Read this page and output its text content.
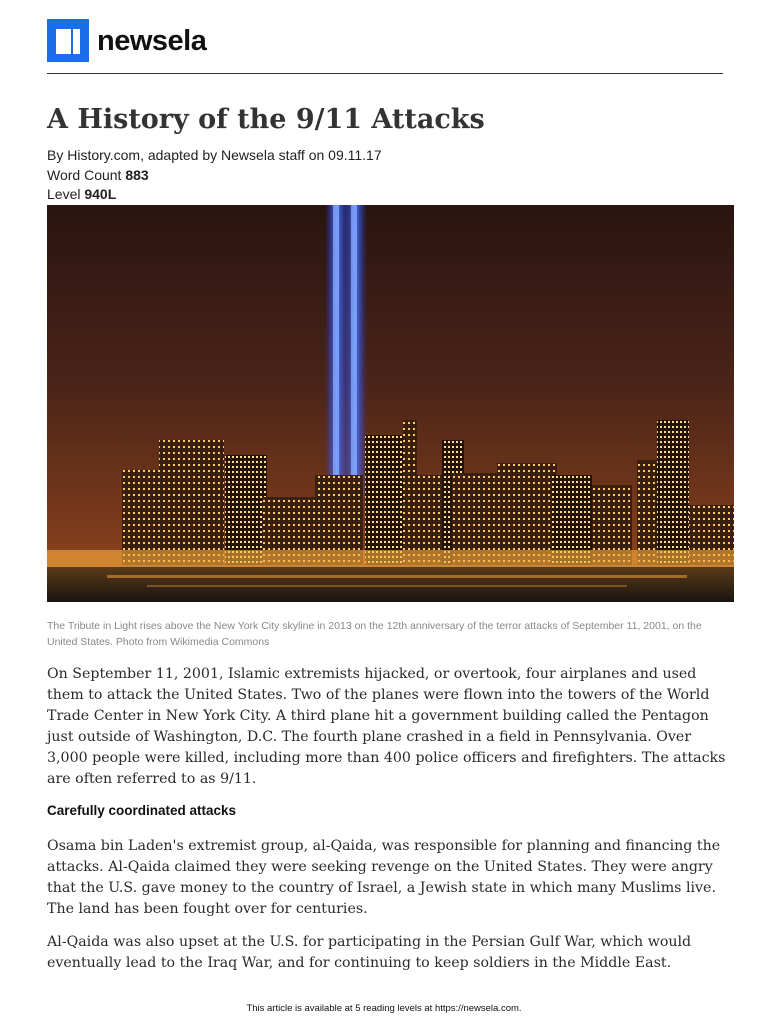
newsela
A History of the 9/11 Attacks
By History.com, adapted by Newsela staff on 09.11.17
Word Count 883
Level 940L
The Tribute in Light rises above the New York City skyline in 2013 on the 12th anniversary of the terror attacks of September 11, 2001, on the United States. Photo from Wikimedia Commons

On September 11, 2001, Islamic extremists hijacked, or overtook, four airplanes and used them to attack the United States. Two of the planes were flown into the towers of the World Trade Center in New York City. A third plane hit a government building called the Pentagon just outside of Washington, D.C. The fourth plane crashed in a field in Pennsylvania. Over 3,000 people were killed, including more than 400 police officers and firefighters. The attacks are often referred to as 9/11.

Carefully coordinated attacks

Osama bin Laden's extremist group, al-Qaida, was responsible for planning and financing the attacks. Al-Qaida claimed they were seeking revenge on the United States. They were angry that the U.S. gave money to the country of Israel, a Jewish state in which many Muslims live. The land has been fought over for centuries.

Al-Qaida was also upset at the U.S. for participating in the Persian Gulf War, which would eventually lead to the Iraq War, and for continuing to keep soldiers in the Middle East.

This article is available at 5 reading levels at https://newsela.com.
